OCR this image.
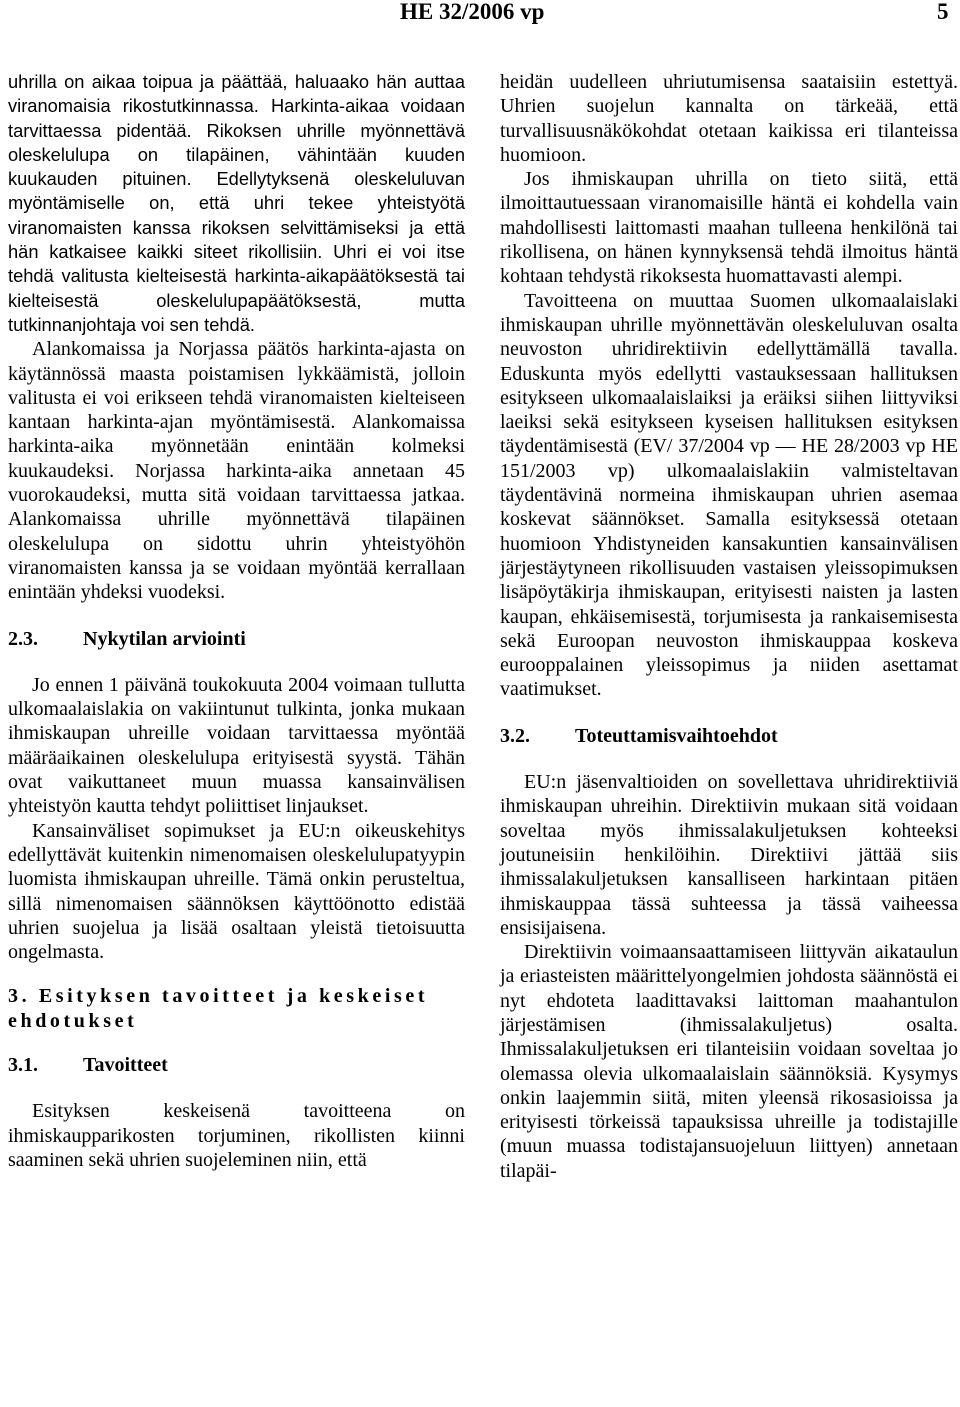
HE 32/2006 vp	5

uhrilla on aikaa toipua ja päättää, haluaako hän auttaa viranomaisia rikostutkinnassa. Harkinta-aikaa voidaan tarvittaessa pidentää. Rikoksen uhrille myönnettävä oleskelulupa on tilapäinen, vähintään kuuden kuukauden pituinen. Edellytyksenä oleskeluluvan myöntämiselle on, että uhri tekee yhteistyötä viranomaisten kanssa rikoksen selvittämiseksi ja että hän katkaisee kaikki siteet rikollisiin. Uhri ei voi itse tehdä valitusta kielteisestä harkinta-aikapäätöksestä tai kielteisestä oleskelulupapäätöksestä, mutta tutkinnanjohtaja voi sen tehdä.

Alankomaissa ja Norjassa päätös harkinta-ajasta on käytännössä maasta poistamisen lykkäämistä, jolloin valitusta ei voi erikseen tehdä viranomaisten kielteiseen kantaan harkinta-ajan myöntämisestä. Alankomaissa harkinta-aika myönnetään enintään kolmeksi kuukaudeksi. Norjassa harkinta-aika annetaan 45 vuorokaudeksi, mutta sitä voidaan tarvittaessa jatkaa. Alankomaissa uhrille myönnettävä tilapäinen oleskelulupa on sidottu uhrin yhteistyöhön viranomaisten kanssa ja se voidaan myöntää kerrallaan enintään yhdeksi vuodeksi.

2.3.	Nykytilan arviointi

Jo ennen 1 päivänä toukokuuta 2004 voimaan tullutta ulkomaalaislakia on vakiintunut tulkinta, jonka mukaan ihmiskaupan uhreille voidaan tarvittaessa myöntää määräaikainen oleskelulupa erityisestä syystä. Tähän ovat vaikuttaneet muun muassa kansainvälisen yhteistyön kautta tehdyt poliittiset linjaukset.

Kansainväliset sopimukset ja EU:n oikeuskehitys edellyttävät kuitenkin nimenomaisen oleskelulupatyypin luomista ihmiskaupan uhreille. Tämä onkin perusteltua, sillä nimenomaisen säännöksen käyttöönotto edistää uhrien suojelua ja lisää osaltaan yleistä tietoisuutta ongelmasta.

3. Esityksen tavoitteet ja keskeiset ehdotukset
3.1.	Tavoitteet

Esityksen keskeisenä tavoitteena on ihmiskaupparikosten torjuminen, rikollisten kiinni saaminen sekä uhrien suojeleminen niin, että

heidän uudelleen uhriutumisensa saataisiin estettyä. Uhrien suojelun kannalta on tärkeää, että turvallisuusnäkökohdat otetaan kaikissa eri tilanteissa huomioon.

Jos ihmiskaupan uhrilla on tieto siitä, että ilmoittautuessaan viranomaisille häntä ei kohdella vain mahdollisesti laittomasti maahan tulleena henkilönä tai rikollisena, on hänen kynnyksensä tehdä ilmoitus häntä kohtaan tehdystä rikoksesta huomattavasti alempi.

Tavoitteena on muuttaa Suomen ulkomaalaislaki ihmiskaupan uhrille myönnettävän oleskeluluvan osalta neuvoston uhridirektiivin edellyttämällä tavalla. Eduskunta myös edellytti vastauksessaan hallituksen esitykseen ulkomaalaislaiksi ja eräiksi siihen liittyviksi laeiksi sekä esitykseen kyseisen hallituksen esityksen täydentämisestä (EV/ 37/2004 vp — HE 28/2003 vp HE 151/2003 vp) ulkomaalaislakiin valmisteltavan täydentävinä normeina ihmiskaupan uhrien asemaa koskevat säännökset. Samalla esityksessä otetaan huomioon Yhdistyneiden kansakuntien kansainvälisen järjestäytyneen rikollisuuden vastaisen yleissopimuksen lisäpöytäkirja ihmiskaupan, erityisesti naisten ja lasten kaupan, ehkäisemisestä, torjumisesta ja rankaisemisesta sekä Euroopan neuvoston ihmiskauppaa koskeva eurooppalainen yleissopimus ja niiden asettamat vaatimukset.

3.2.	Toteuttamisvaihtoehdot

EU:n jäsenvaltioiden on sovellettava uhridirektiiviä ihmiskaupan uhreihin. Direktiivin mukaan sitä voidaan soveltaa myös ihmissalakuljetuksen kohteeksi joutuneisiin henkilöihin. Direktiivi jättää siis ihmissalakuljetuksen kansalliseen harkintaan pitäen ihmiskauppaa tässä suhteessa ja tässä vaiheessa ensisijaisena.

Direktiivin voimaansaattamiseen liittyvän aikataulun ja eriasteisten määrittelyongelmien johdosta säännöstä ei nyt ehdoteta laadittavaksi laittoman maahantulon järjestämisen (ihmissalakuljetus) osalta. Ihmissalakuljetuksen eri tilanteisiin voidaan soveltaa jo olemassa olevia ulkomaalaislain säännöksiä. Kysymys onkin laajemmin siitä, miten yleensä rikosasioissa ja erityisesti törkeissä tapauksissa uhreille ja todistajille (muun muassa todistajansuojeluun liittyen) annetaan tilapäi-
